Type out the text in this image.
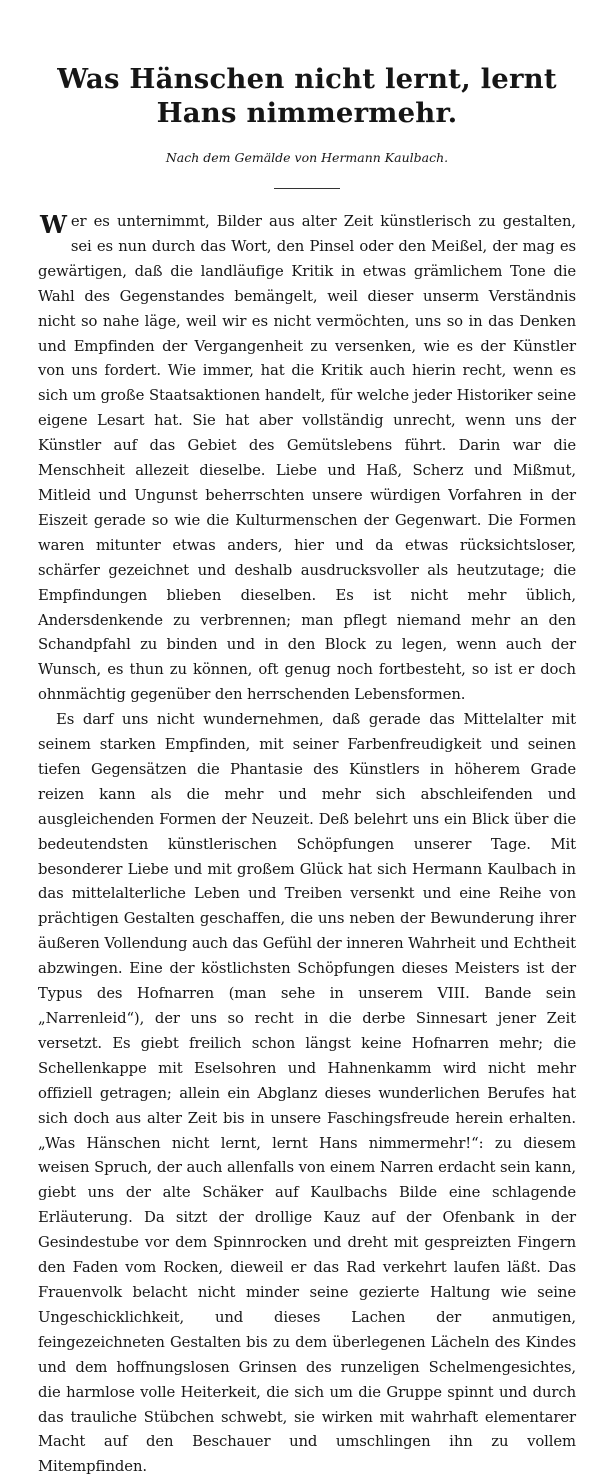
Was Hänschen nicht lernt, lernt Hans nimmermehr.
Nach dem Gemälde von Hermann Kaulbach.

Wer es unternimmt, Bilder aus alter Zeit künstlerisch zu gestalten, sei es nun durch das Wort, den Pinsel oder den Meißel, der mag es gewärtigen, daß die landläufige Kritik in etwas grämlichem Tone die Wahl des Gegenstandes bemängelt, weil dieser unserm Verständnis nicht so nahe läge, weil wir es nicht vermöchten, uns so in das Denken und Empfinden der Vergangenheit zu versenken, wie es der Künstler von uns fordert. Wie immer, hat die Kritik auch hierin recht, wenn es sich um große Staatsaktionen handelt, für welche jeder Historiker seine eigene Lesart hat. Sie hat aber vollständig unrecht, wenn uns der Künstler auf das Gebiet des Gemütslebens führt. Darin war die Menschheit allezeit dieselbe. Liebe und Haß, Scherz und Mißmut, Mitleid und Ungunst beherrschten unsere würdigen Vorfahren in der Eiszeit gerade so wie die Kulturmenschen der Gegenwart. Die Formen waren mitunter etwas anders, hier und da etwas rücksichtsloser, schärfer gezeichnet und deshalb ausdrucksvoller als heutzutage; die Empfindungen blieben dieselben. Es ist nicht mehr üblich, Andersdenkende zu verbrennen; man pflegt niemand mehr an den Schandpfahl zu binden und in den Block zu legen, wenn auch der Wunsch, es thun zu können, oft genug noch fortbesteht, so ist er doch ohnmächtig gegenüber den herrschenden Lebensformen.

Es darf uns nicht wundernehmen, daß gerade das Mittelalter mit seinem starken Empfinden, mit seiner Farbenfreudigkeit und seinen tiefen Gegensätzen die Phantasie des Künstlers in höherem Grade reizen kann als die mehr und mehr sich abschleifenden und ausgleichenden Formen der Neuzeit. Deß belehrt uns ein Blick über die bedeutendsten künstlerischen Schöpfungen unserer Tage. Mit besonderer Liebe und mit großem Glück hat sich Hermann Kaulbach in das mittelalterliche Leben und Treiben versenkt und eine Reihe von prächtigen Gestalten geschaffen, die uns neben der Bewunderung ihrer äußeren Vollendung auch das Gefühl der inneren Wahrheit und Echtheit abzwingen. Eine der köstlichsten Schöpfungen dieses Meisters ist der Typus des Hofnarren (man sehe in unserem VIII. Bande sein „Narrenleid“), der uns so recht in die derbe Sinnesart jener Zeit versetzt. Es giebt freilich schon längst keine Hofnarren mehr; die Schellenkappe mit Eselsohren und Hahnenkamm wird nicht mehr offiziell getragen; allein ein Abglanz dieses wunderlichen Berufes hat sich doch aus alter Zeit bis in unsere Faschingsfreude herein erhalten. „Was Hänschen nicht lernt, lernt Hans nimmermehr!“: zu diesem weisen Spruch, der auch allenfalls von einem Narren erdacht sein kann, giebt uns der alte Schäker auf Kaulbachs Bilde eine schlagende Erläuterung. Da sitzt der drollige Kauz auf der Ofenbank in der Gesindestube vor dem Spinnrocken und dreht mit gespreizten Fingern den Faden vom Rocken, dieweil er das Rad verkehrt laufen läßt. Das Frauenvolk belacht nicht minder seine gezierte Haltung wie seine Ungeschicklichkeit, und dieses Lachen der anmutigen, feingezeichneten Gestalten bis zu dem überlegenen Lächeln des Kindes und dem hoffnungslosen Grinsen des runzeligen Schelmengesichtes, die harmlose volle Heiterkeit, die sich um die Gruppe spinnt und durch das trauliche Stübchen schwebt, sie wirken mit wahrhaft elementarer Macht auf den Beschauer und umschlingen ihn zu vollem Mitempfinden.
